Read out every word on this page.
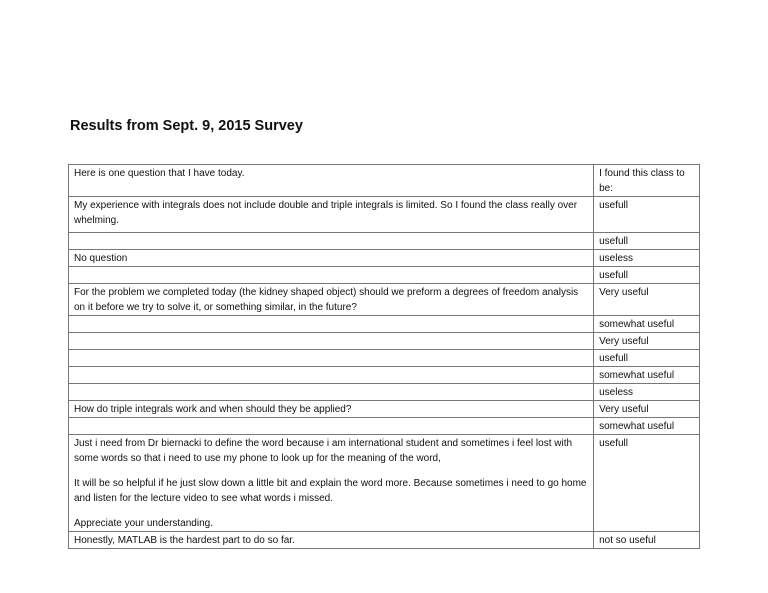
Results from Sept. 9, 2015 Survey
Here is one question that I have today.	I found this class to be:

My experience with integrals does not include double and triple integrals is limited. So I found the class really over whelming.	usefull
	usefull

No question	useless
	usefull

For the problem we completed today (the kidney shaped object) should we preform a degrees of freedom analysis on it before we try to solve it, or something similar, in the future?	Very useful
	somewhat useful
	Very useful
	usefull
	somewhat useful
	useless

How do triple integrals work and when should they be applied?	Very useful
	somewhat useful

Just i need from Dr biernacki to define the word because i am international student and sometimes i feel lost with some words so that i need to use my phone to look up for the meaning of the word,
It will be so helpful if he just slow down a little bit and explain the word more. Because sometimes i need to go home and listen for the lecture video to see what words i missed.
Appreciate your understanding.	usefull

Honestly, MATLAB is the hardest part to do so far.	not so useful
